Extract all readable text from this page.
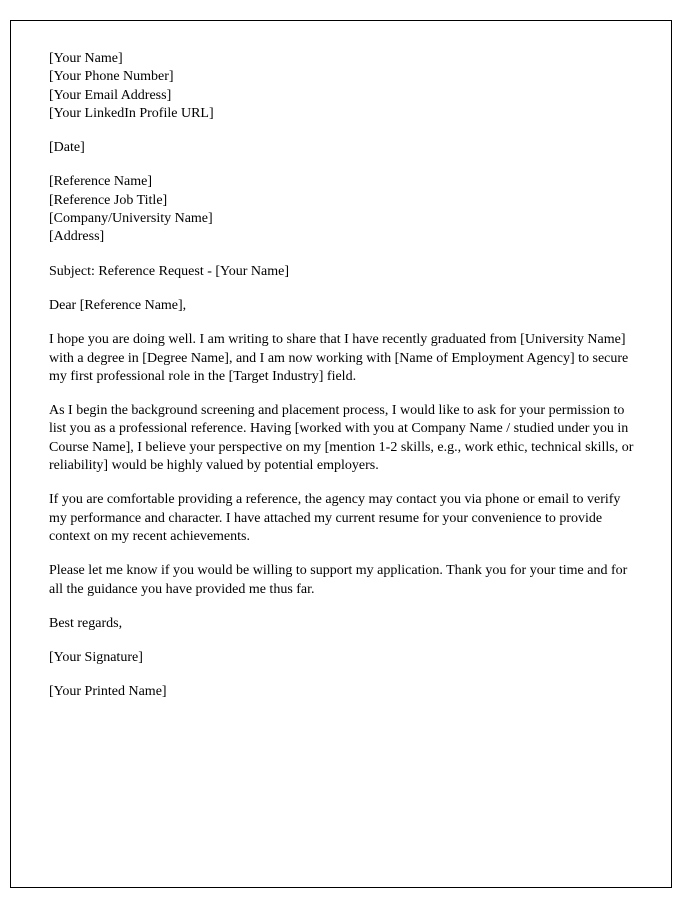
[Your Name]
[Your Phone Number]
[Your Email Address]
[Your LinkedIn Profile URL]
[Date]
[Reference Name]
[Reference Job Title]
[Company/University Name]
[Address]

Subject: Reference Request - [Your Name]

Dear [Reference Name],

I hope you are doing well. I am writing to share that I have recently graduated from [University Name] with a degree in [Degree Name], and I am now working with [Name of Employment Agency] to secure my first professional role in the [Target Industry] field.

As I begin the background screening and placement process, I would like to ask for your permission to list you as a professional reference. Having [worked with you at Company Name / studied under you in Course Name], I believe your perspective on my [mention 1-2 skills, e.g., work ethic, technical skills, or reliability] would be highly valued by potential employers.

If you are comfortable providing a reference, the agency may contact you via phone or email to verify my performance and character. I have attached my current resume for your convenience to provide context on my recent achievements.

Please let me know if you would be willing to support my application. Thank you for your time and for all the guidance you have provided me thus far.

Best regards,

[Your Signature]

[Your Printed Name]
